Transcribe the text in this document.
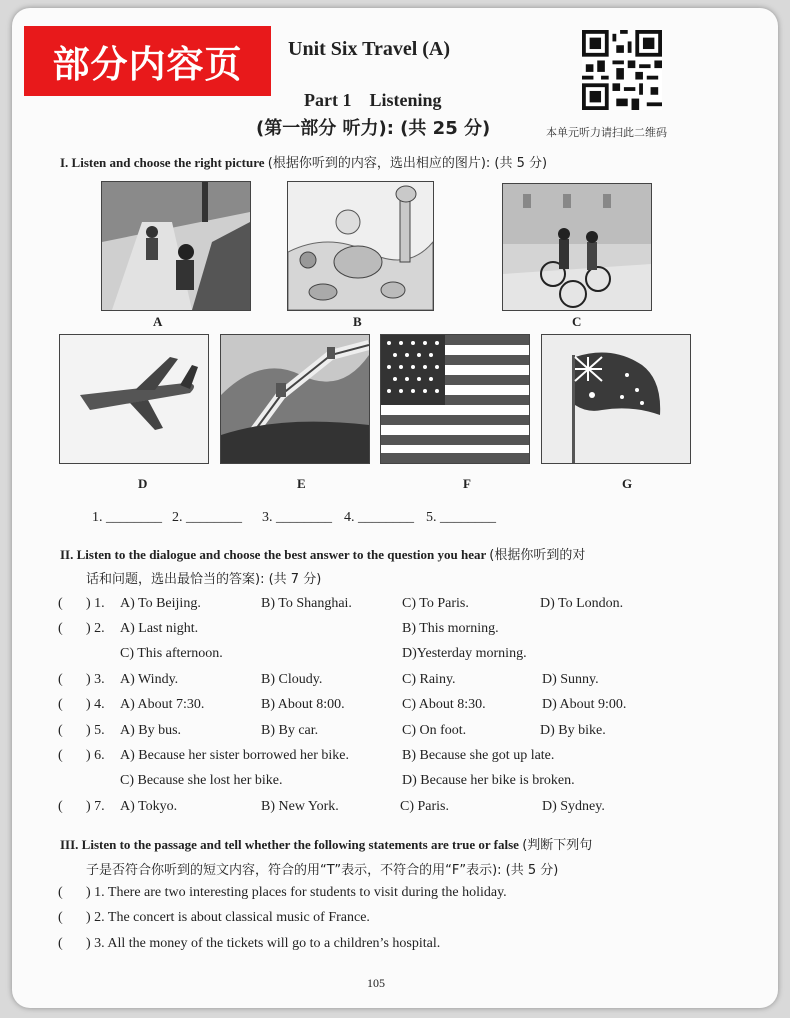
部分内容页	Unit Six Travel (A)
Part 1    Listening
(第一部分 听力): (共 25 分)	本单元听力请扫此二维码
I. Listen and choose the right picture (根据你听到的内容，选出相应的图片): (共 5 分)
A	B	C
D	E	F	G
1. ________ 2. ________ 3. ________ 4. ________ 5. ________
II. Listen to the dialogue and choose the best answer to the question you hear (根据你听到的对
话和问题，选出最恰当的答案): (共 7 分)
( ) 1. A) To Beijing.	B) To Shanghai.	C) To Paris.	D) To London.
( ) 2. A) Last night.	B) This morning.
C) This afternoon.	D)Yesterday morning.
( ) 3. A) Windy.	B) Cloudy.	C) Rainy.	D) Sunny.
( ) 4. A) About 7:30.	B) About 8:00.	C) About 8:30.	D) About 9:00.
( ) 5. A) By bus.	B) By car.	C) On foot.	D) By bike.
( ) 6. A) Because her sister borrowed her bike.	B) Because she got up late.
C) Because she lost her bike.	D) Because her bike is broken.
( ) 7. A) Tokyo.	B) New York.	C) Paris.	D) Sydney.
III. Listen to the passage and tell whether the following statements are true or false (判断下列句
子是否符合你听到的短文内容，符合的用“T”表示，不符合的用“F”表示): (共 5 分)
( ) 1. There are two interesting places for students to visit during the holiday.
( ) 2. The concert is about classical music of France.
( ) 3. All the money of the tickets will go to a children’s hospital.
105
